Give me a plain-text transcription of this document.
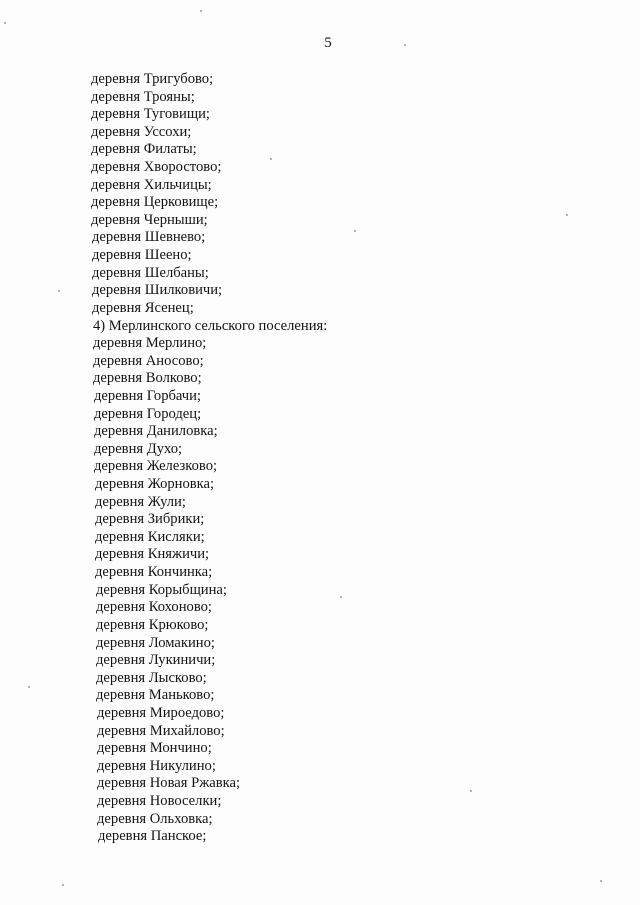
5
деревня Тригубово;
деревня Трояны;
деревня Туговищи;
деревня Уссохи;
деревня Филаты;
деревня Хворостово;
деревня Хильчицы;
деревня Церковище;
деревня Черныши;
деревня Шевнево;
деревня Шеено;
деревня Шелбаны;
деревня Шилковичи;
деревня Ясенец;
4) Мерлинского сельского поселения:
деревня Мерлино;
деревня Аносово;
деревня Волково;
деревня Горбачи;
деревня Городец;
деревня Даниловка;
деревня Духо;
деревня Железково;
деревня Жорновка;
деревня Жули;
деревня Зибрики;
деревня Кисляки;
деревня Княжичи;
деревня Кончинка;
деревня Корыбщина;
деревня Кохоново;
деревня Крюково;
деревня Ломакино;
деревня Лукиничи;
деревня Лысково;
деревня Маньково;
деревня Мироедово;
деревня Михайлово;
деревня Мончино;
деревня Никулино;
деревня Новая Ржавка;
деревня Новоселки;
деревня Ольховка;
деревня Панское;
